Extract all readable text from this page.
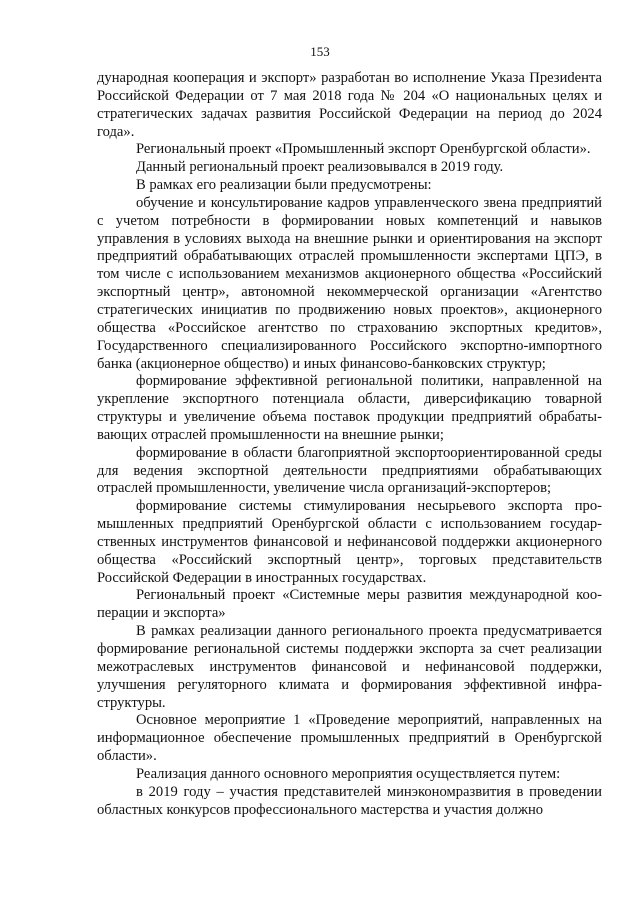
153

дународная кооперация и экспорт» разработан во исполнение Указа Презиdента Российской Федерации от 7 мая 2018 года № 204 «О национальных целях и стратегических задачах развития Российской Федерации на период до 2024 года».

Региональный проект «Промышленный экспорт Оренбургской области».

Данный региональный проект реализовывался в 2019 году.

В рамках его реализации были предусмотрены:

обучение и консультирование кадров управленческого звена предприятий с учетом потребности в формировании новых компетенций и навыков управления в условиях выхода на внешние рынки и ориентирования на экспорт предприятий обрабатывающих отраслей промышленности экспертами ЦПЭ, в том числе с использованием механизмов акционерного общества «Российский экспортный центр», автономной некоммерческой организации «Агентство стратегических инициатив по продвижению новых проектов», акционерного общества «Российское агентство по страхованию экспортных кредитов», Государственного специализированного Российского экспортно-импортного банка (акционерное общество) и иных финансово-банковских структур;

формирование эффективной региональной политики, направленной на укрепление экспортного потенциала области, диверсификацию товарной структуры и увеличение объема поставок продукции предприятий обрабатывающих отраслей промышленности на внешние рынки;

формирование в области благоприятной экспортоориентированной среды для ведения экспортной деятельности предприятиями обрабатывающих отраслей промышленности, увеличение числа организаций-экспортеров;

формирование системы стимулирования несырьевого экспорта промышленных предприятий Оренбургской области с использованием государственных инструментов финансовой и нефинансовой поддержки акционерного общества «Российский экспортный центр», торговых представительств Российской Федерации в иностранных государствах.

Региональный проект «Системные меры развития международной кооперации и экспорта»

В рамках реализации данного регионального проекта предусматривается формирование региональной системы поддержки экспорта за счет реализации межотраслевых инструментов финансовой и нефинансовой поддержки, улучшения регуляторного климата и формирования эффективной инфраструктуры.

Основное мероприятие 1 «Проведение мероприятий, направленных на информационное обеспечение промышленных предприятий в Оренбургской области».

Реализация данного основного мероприятия осуществляется путем:

в 2019 году – участия представителей минэкономразвития в проведении областных конкурсов профессионального мастерства и участия должно
